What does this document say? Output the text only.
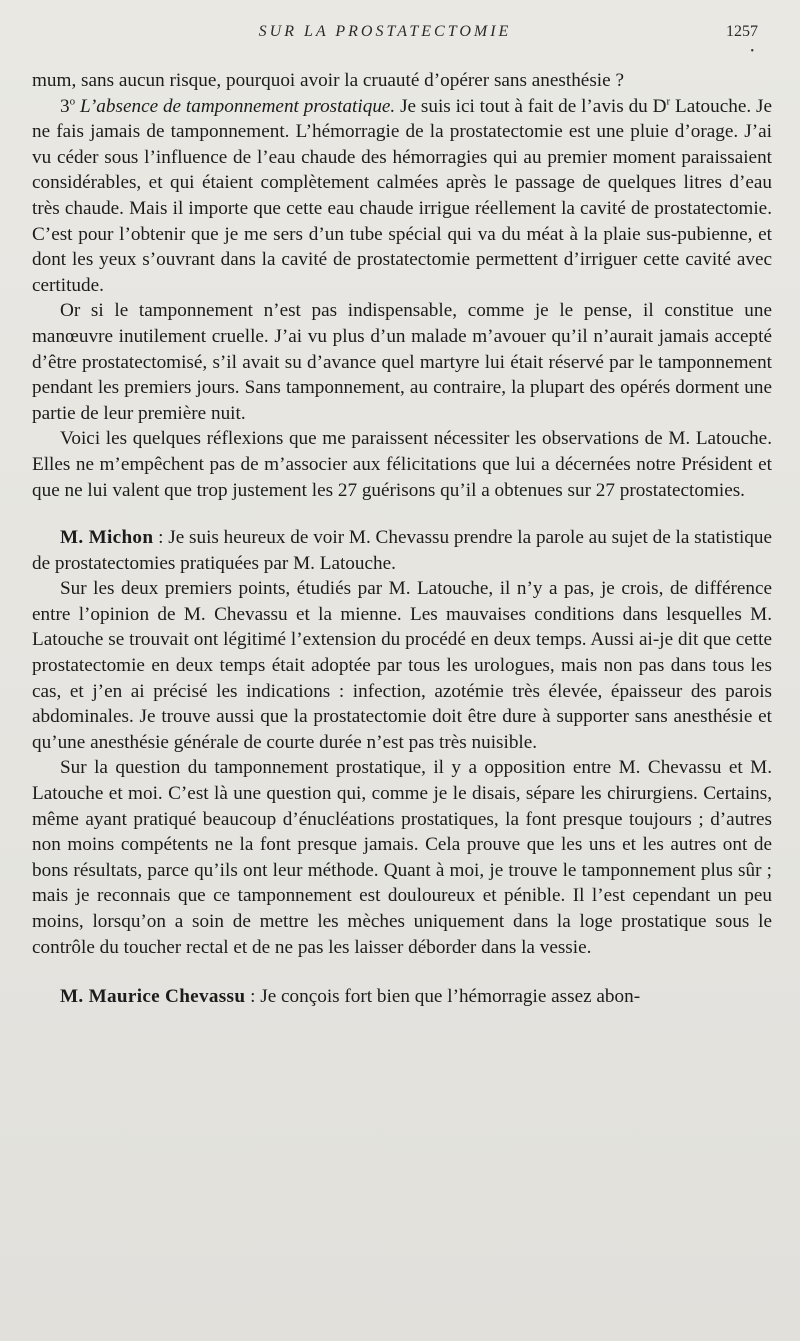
SUR LA PROSTATECTOMIE	1257
•

mum, sans aucun risque, pourquoi avoir la cruauté d’opérer sans anesthésie ?

3$^o$ L’absence de tamponnement prostatique. Je suis ici tout à fait de l’avis du $D^r$ Latouche. Je ne fais jamais de tamponnement. L’hémorragie de la prostatectomie est une pluie d’orage. J’ai vu céder sous l’influence de l’eau chaude des hémorragies qui au premier moment paraissaient considérables, et qui étaient complètement calmées après le passage de quelques litres d’eau très chaude. Mais il importe que cette eau chaude irrigue réellement la cavité de prostatectomie. C’est pour l’obtenir que je me sers d’un tube spécial qui va du méat à la plaie sus-pubienne, et dont les yeux s’ouvrant dans la cavité de prostatectomie permettent d’irriguer cette cavité avec certitude.

Or si le tamponnement n’est pas indispensable, comme je le pense, il constitue une manœuvre inutilement cruelle. J’ai vu plus d’un malade m’avouer qu’il n’aurait jamais accepté d’être prostatectomisé, s’il avait su d’avance quel martyre lui était réservé par le tamponnement pendant les premiers jours. Sans tamponnement, au contraire, la plupart des opérés dorment une partie de leur première nuit.

Voici les quelques réflexions que me paraissent nécessiter les observations de M. Latouche. Elles ne m’empêchent pas de m’associer aux félicitations que lui a décernées notre Président et que ne lui valent que trop justement les 27 guérisons qu’il a obtenues sur 27 prostatectomies.

M. Michon : Je suis heureux de voir M. Chevassu prendre la parole au sujet de la statistique de prostatectomies pratiquées par M. Latouche.

Sur les deux premiers points, étudiés par M. Latouche, il n’y a pas, je crois, de différence entre l’opinion de M. Chevassu et la mienne. Les mauvaises conditions dans lesquelles M. Latouche se trouvait ont légitimé l’extension du procédé en deux temps. Aussi ai-je dit que cette prostatectomie en deux temps était adoptée par tous les urologues, mais non pas dans tous les cas, et j’en ai précisé les indications : infection, azotémie très élevée, épaisseur des parois abdominales. Je trouve aussi que la prostatectomie doit être dure à supporter sans anesthésie et qu’une anesthésie générale de courte durée n’est pas très nuisible.

Sur la question du tamponnement prostatique, il y a opposition entre M. Chevassu et M. Latouche et moi. C’est là une question qui, comme je le disais, sépare les chirurgiens. Certains, même ayant pratiqué beaucoup d’énucléations prostatiques, la font presque toujours ; d’autres non moins compétents ne la font presque jamais. Cela prouve que les uns et les autres ont de bons résultats, parce qu’ils ont leur méthode. Quant à moi, je trouve le tamponnement plus sûr ; mais je reconnais que ce tamponnement est douloureux et pénible. Il l’est cependant un peu moins, lorsqu’on a soin de mettre les mèches uniquement dans la loge prostatique sous le contrôle du toucher rectal et de ne pas les laisser déborder dans la vessie.

M. Maurice Chevassu : Je conçois fort bien que l’hémorragie assez abon-
